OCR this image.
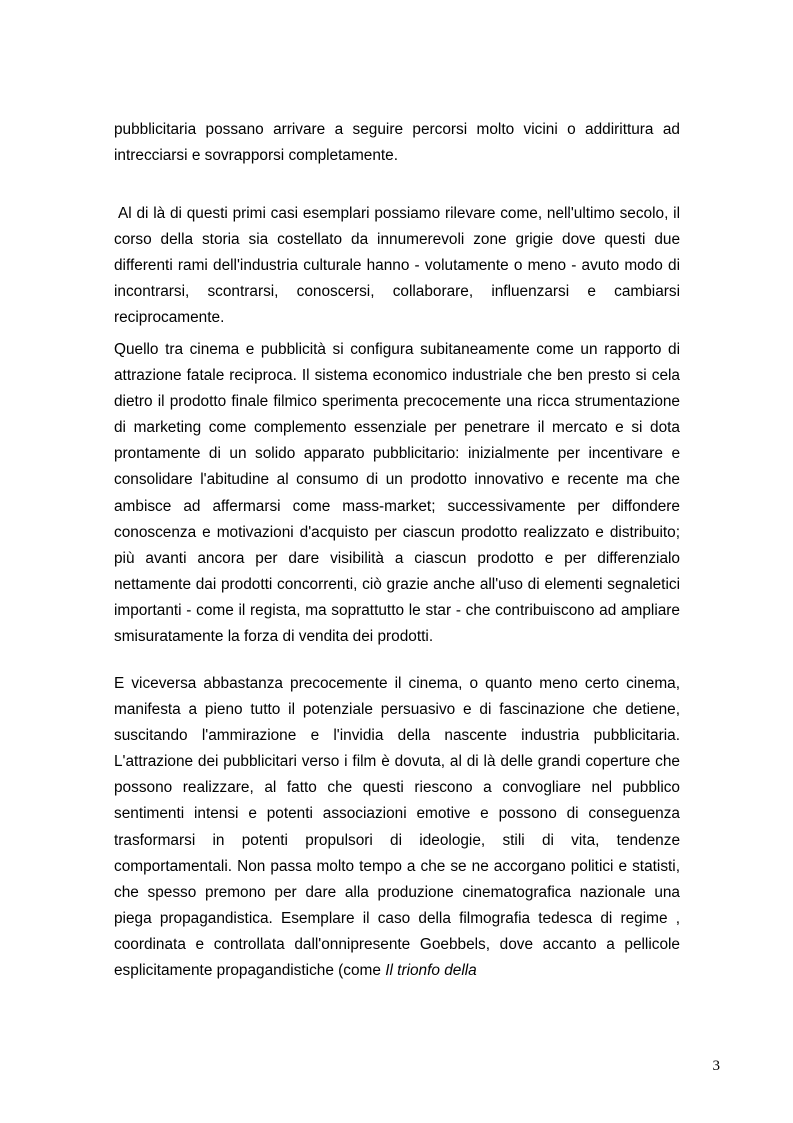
pubblicitaria possano arrivare a seguire percorsi molto vicini o addirittura ad intrecciarsi e sovrapporsi completamente.

Al di là di questi primi casi esemplari possiamo rilevare come, nell'ultimo secolo, il corso della storia sia costellato da innumerevoli zone grigie dove questi due differenti rami dell'industria culturale hanno - volutamente o meno - avuto modo di incontrarsi, scontrarsi, conoscersi, collaborare, influenzarsi e cambiarsi reciprocamente.

Quello tra cinema e pubblicità si configura subitaneamente come un rapporto di attrazione fatale reciproca. Il sistema economico industriale che ben presto si cela dietro il prodotto finale filmico sperimenta precocemente una ricca strumentazione di marketing come complemento essenziale per penetrare il mercato e si dota prontamente di un solido apparato pubblicitario: inizialmente per incentivare e consolidare l'abitudine al consumo di un prodotto innovativo e recente ma che ambisce ad affermarsi come mass-market; successivamente per diffondere conoscenza e motivazioni d'acquisto per ciascun prodotto realizzato e distribuito; più avanti ancora per dare visibilità a ciascun prodotto e per differenzialo nettamente dai prodotti concorrenti, ciò grazie anche all'uso di elementi segnaletici importanti - come il regista, ma soprattutto le star - che contribuiscono ad ampliare smisuratamente la forza di vendita dei prodotti.

E viceversa abbastanza precocemente il cinema, o quanto meno certo cinema, manifesta a pieno tutto il potenziale persuasivo e di fascinazione che detiene, suscitando l'ammirazione e l'invidia della nascente industria pubblicitaria. L'attrazione dei pubblicitari verso i film è dovuta, al di là delle grandi coperture che possono realizzare, al fatto che questi riescono a convogliare nel pubblico sentimenti intensi e potenti associazioni emotive e possono di conseguenza trasformarsi in potenti propulsori di ideologie, stili di vita, tendenze comportamentali. Non passa molto tempo a che se ne accorgano politici e statisti, che spesso premono per dare alla produzione cinematografica nazionale una piega propagandistica. Esemplare il caso della filmografia tedesca di regime , coordinata e controllata dall'onnipresente Goebbels, dove accanto a pellicole esplicitamente propagandistiche (come Il trionfo della

3
